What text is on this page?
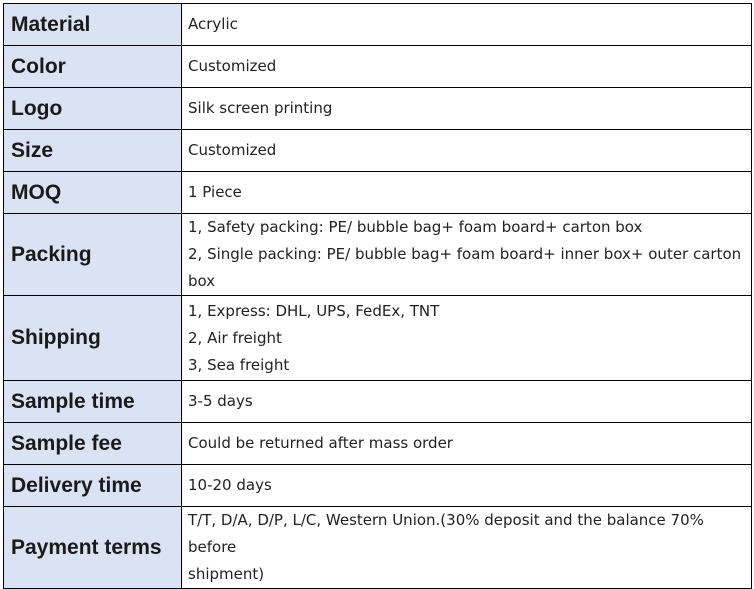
Material	Acrylic

Color	Customized

Logo	Silk screen printing

Size	Customized

MOQ	1 Piece

Packing	1, Safety packing: PE/ bubble bag+ foam board+ carton box
2, Single packing: PE/ bubble bag+ foam board+ inner box+ outer carton box

Shipping	1, Express: DHL, UPS, FedEx, TNT
2, Air freight
3, Sea freight

Sample time	3-5 days

Sample fee	Could be returned after mass order

Delivery time	10-20 days

Payment terms	T/T, D/A, D/P, L/C, Western Union.(30% deposit and the balance 70% before
shipment)
